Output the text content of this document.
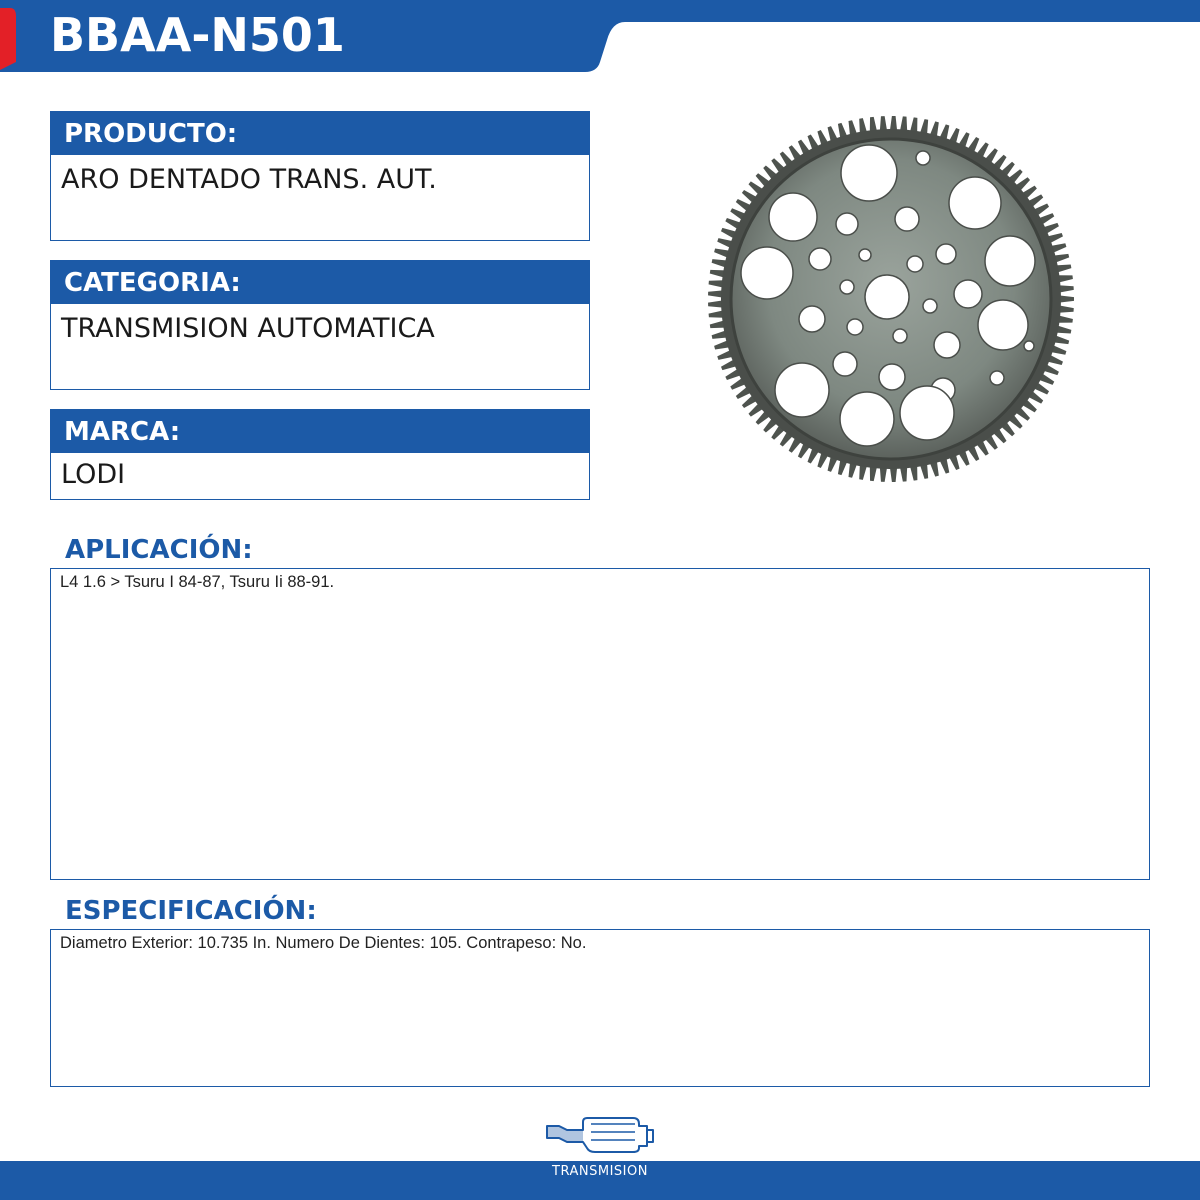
BBAA-N501
PRODUCTO:
ARO DENTADO TRANS. AUT.
CATEGORIA:
TRANSMISION AUTOMATICA
MARCA:
LODI
APLICACIÓN:
L4 1.6 > Tsuru I 84-87, Tsuru Ii 88-91.
ESPECIFICACIÓN:
Diametro Exterior: 10.735 In. Numero De Dientes: 105. Contrapeso: No.
TRANSMISION
